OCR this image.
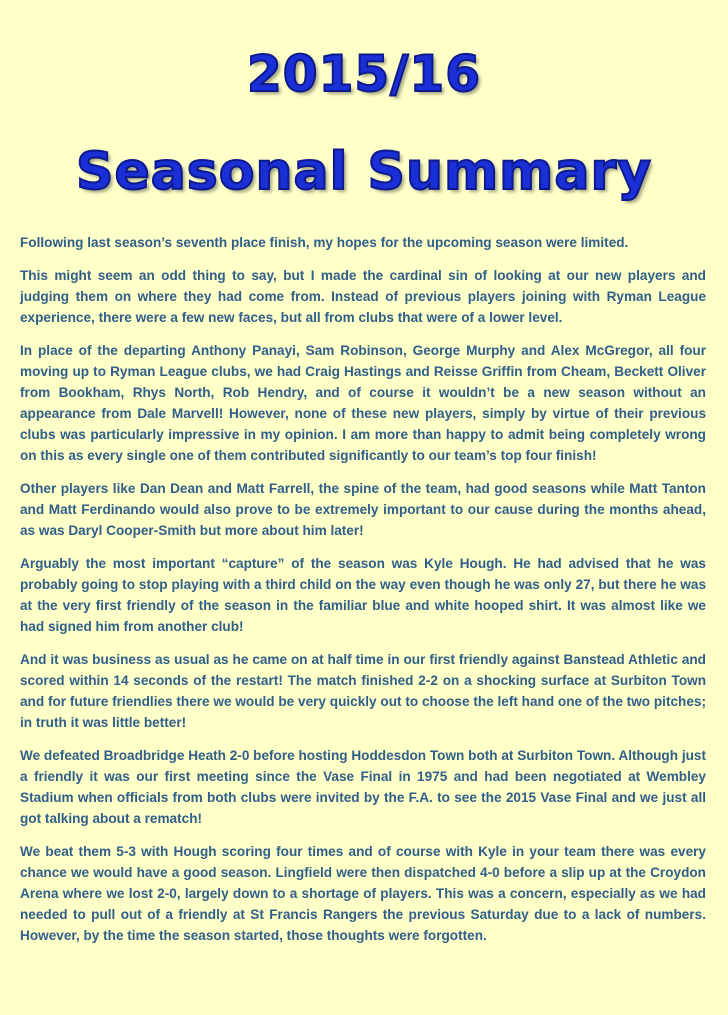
2015/16
Seasonal Summary

Following last season’s seventh place finish, my hopes for the upcoming season were limited.

This might seem an odd thing to say, but I made the cardinal sin of looking at our new players and judging them on where they had come from. Instead of previous players joining with Ryman League experience, there were a few new faces, but all from clubs that were of a lower level.

In place of the departing Anthony Panayi, Sam Robinson, George Murphy and Alex McGregor, all four moving up to Ryman League clubs, we had Craig Hastings and Reisse Griffin from Cheam, Beckett Oliver from Bookham, Rhys North, Rob Hendry, and of course it wouldn’t be a new season without an appearance from Dale Marvell! However, none of these new players, simply by virtue of their previous clubs was particularly impressive in my opinion. I am more than happy to admit being completely wrong on this as every single one of them contributed significantly to our team’s top four finish!

Other players like Dan Dean and Matt Farrell, the spine of the team, had good seasons while Matt Tanton and Matt Ferdinando would also prove to be extremely important to our cause during the months ahead, as was Daryl Cooper-Smith but more about him later!

Arguably the most important “capture” of the season was Kyle Hough. He had advised that he was probably going to stop playing with a third child on the way even though he was only 27, but there he was at the very first friendly of the season in the familiar blue and white hooped shirt. It was almost like we had signed him from another club!

And it was business as usual as he came on at half time in our first friendly against Banstead Athletic and scored within 14 seconds of the restart! The match finished 2-2 on a shocking surface at Surbiton Town and for future friendlies there we would be very quickly out to choose the left hand one of the two pitches; in truth it was little better!

We defeated Broadbridge Heath 2-0 before hosting Hoddesdon Town both at Surbiton Town. Although just a friendly it was our first meeting since the Vase Final in 1975 and had been negotiated at Wembley Stadium when officials from both clubs were invited by the F.A. to see the 2015 Vase Final and we just all got talking about a rematch!

We beat them 5-3 with Hough scoring four times and of course with Kyle in your team there was every chance we would have a good season. Lingfield were then dispatched 4-0 before a slip up at the Croydon Arena where we lost 2-0, largely down to a shortage of players. This was a concern, especially as we had needed to pull out of a friendly at St Francis Rangers the previous Saturday due to a lack of numbers. However, by the time the season started, those thoughts were forgotten.
